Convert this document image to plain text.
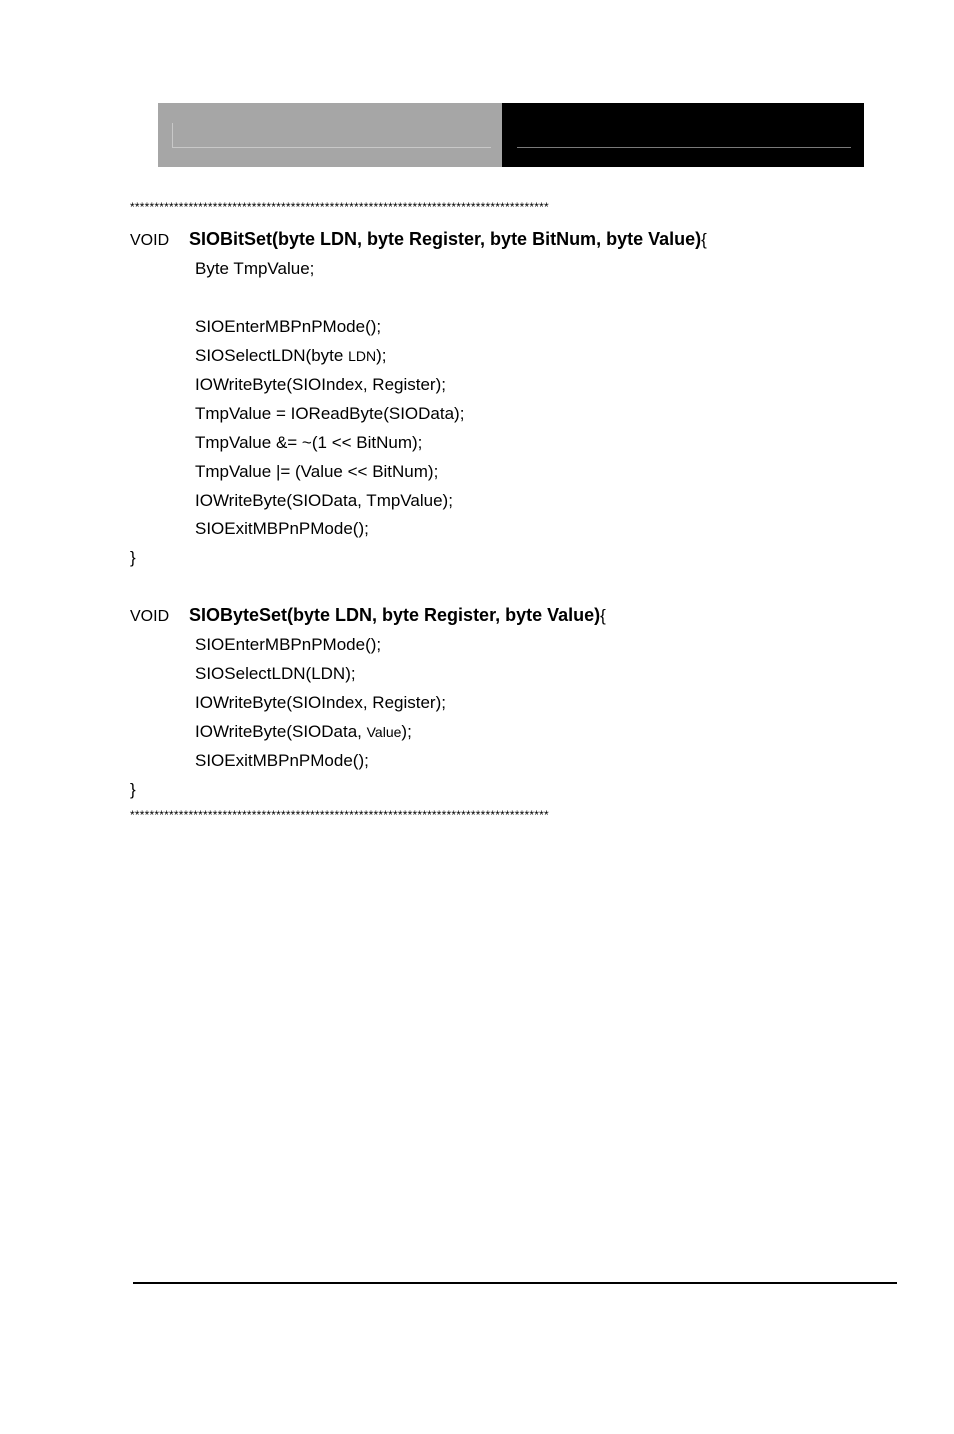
**************************************************************************************
VOID SIOBitSet(byte LDN, byte Register, byte BitNum, byte Value){
Byte TmpValue;
SIOEnterMBPnPMode();
SIOSelectLDN(byte LDN);
IOWriteByte(SIOIndex, Register);
TmpValue = IOReadByte(SIOData);
TmpValue &= ~(1 << BitNum);
TmpValue |= (Value << BitNum);
IOWriteByte(SIOData, TmpValue);
SIOExitMBPnPMode();
}
VOID SIOByteSet(byte LDN, byte Register, byte Value){
SIOEnterMBPnPMode();
SIOSelectLDN(LDN);
IOWriteByte(SIOIndex, Register);
IOWriteByte(SIOData, Value);
SIOExitMBPnPMode();
}
**************************************************************************************
